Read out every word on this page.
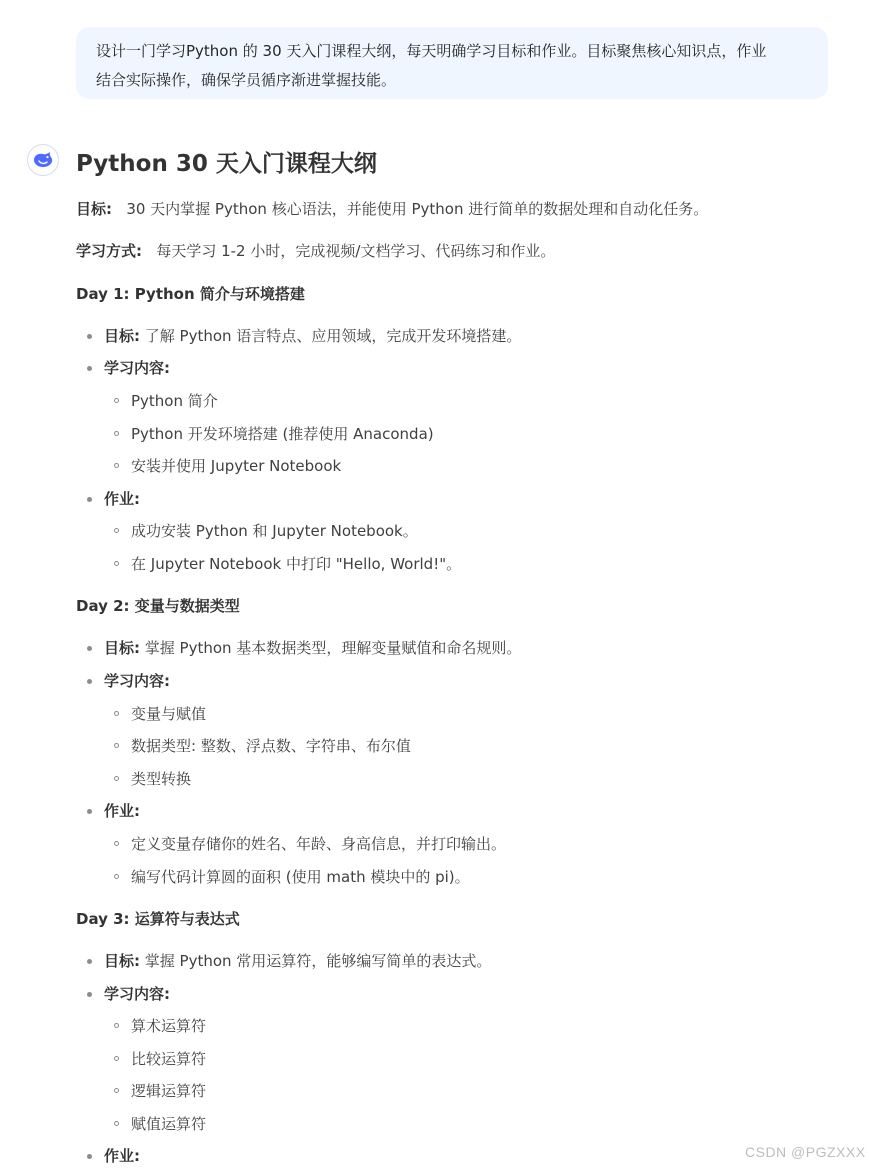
设计一门学习Python 的 30 天入门课程大纲，每天明确学习目标和作业。目标聚焦核心知识点，作业
结合实际操作，确保学员循序渐进掌握技能。
Python 30 天入门课程大纲
目标: 30 天内掌握 Python 核心语法，并能使用 Python 进行简单的数据处理和自动化任务。
学习方式: 每天学习 1-2 小时，完成视频/文档学习、代码练习和作业。
Day 1: Python 简介与环境搭建
目标: 了解 Python 语言特点、应用领域，完成开发环境搭建。
学习内容:
Python 简介
Python 开发环境搭建 (推荐使用 Anaconda)
安装并使用 Jupyter Notebook
作业:
成功安装 Python 和 Jupyter Notebook。
在 Jupyter Notebook 中打印 "Hello, World!"。
Day 2: 变量与数据类型
目标: 掌握 Python 基本数据类型，理解变量赋值和命名规则。
学习内容:
变量与赋值
数据类型: 整数、浮点数、字符串、布尔值
类型转换
作业:
定义变量存储你的姓名、年龄、身高信息，并打印输出。
编写代码计算圆的面积 (使用 math 模块中的 pi)。
Day 3: 运算符与表达式
目标: 掌握 Python 常用运算符，能够编写简单的表达式。
学习内容:
算术运算符
比较运算符
逻辑运算符
赋值运算符
作业:	CSDN @PGZXXX
